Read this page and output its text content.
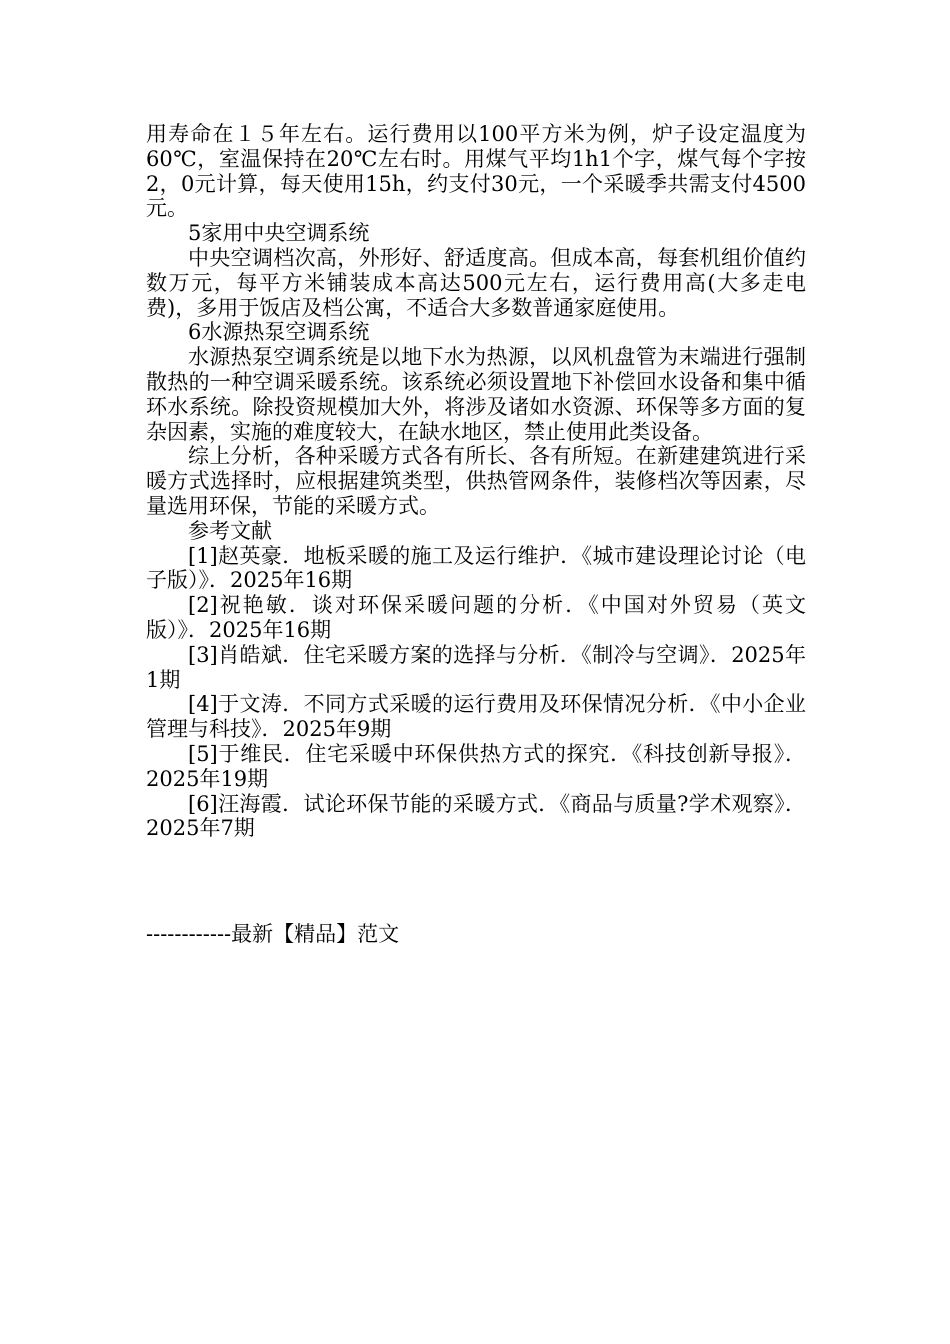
用寿命在１５年左右。运行费用以100平方米为例，炉子设定温度为60℃，室温保持在20℃左右时。用煤气平均1h1个字，煤气每个字按2，0元计算，每天使用15h，约支付30元，一个采暖季共需支付4500元。

5家用中央空调系统

中央空调档次高，外形好、舒适度高。但成本高，每套机组价值约数万元，每平方米铺装成本高达500元左右，运行费用高(大多走电费)，多用于饭店及档公寓，不适合大多数普通家庭使用。

6水源热泵空调系统

水源热泵空调系统是以地下水为热源，以风机盘管为末端进行强制散热的一种空调采暖系统。该系统必须设置地下补偿回水设备和集中循环水系统。除投资规模加大外，将涉及诸如水资源、环保等多方面的复杂因素，实施的难度较大，在缺水地区，禁止使用此类设备。

综上分析，各种采暖方式各有所长、各有所短。在新建建筑进行采暖方式选择时，应根据建筑类型，供热管网条件，装修档次等因素，尽量选用环保，节能的采暖方式。

参考文献

[1]赵英豪．地板采暖的施工及运行维护．《城市建设理论讨论（电子版）》．2025年16期

[2]祝艳敏．谈对环保采暖问题的分析．《中国对外贸易（英文版）》．2025年16期

[3]肖皓斌．住宅采暖方案的选择与分析．《制冷与空调》．2025年1期

[4]于文涛．不同方式采暖的运行费用及环保情况分析．《中小企业管理与科技》．2025年9期

[5]于维民．住宅采暖中环保供热方式的探究．《科技创新导报》．2025年19期

[6]汪海霞．试论环保节能的采暖方式．《商品与质量?学术观察》．2025年7期

------------最新【精品】范文
